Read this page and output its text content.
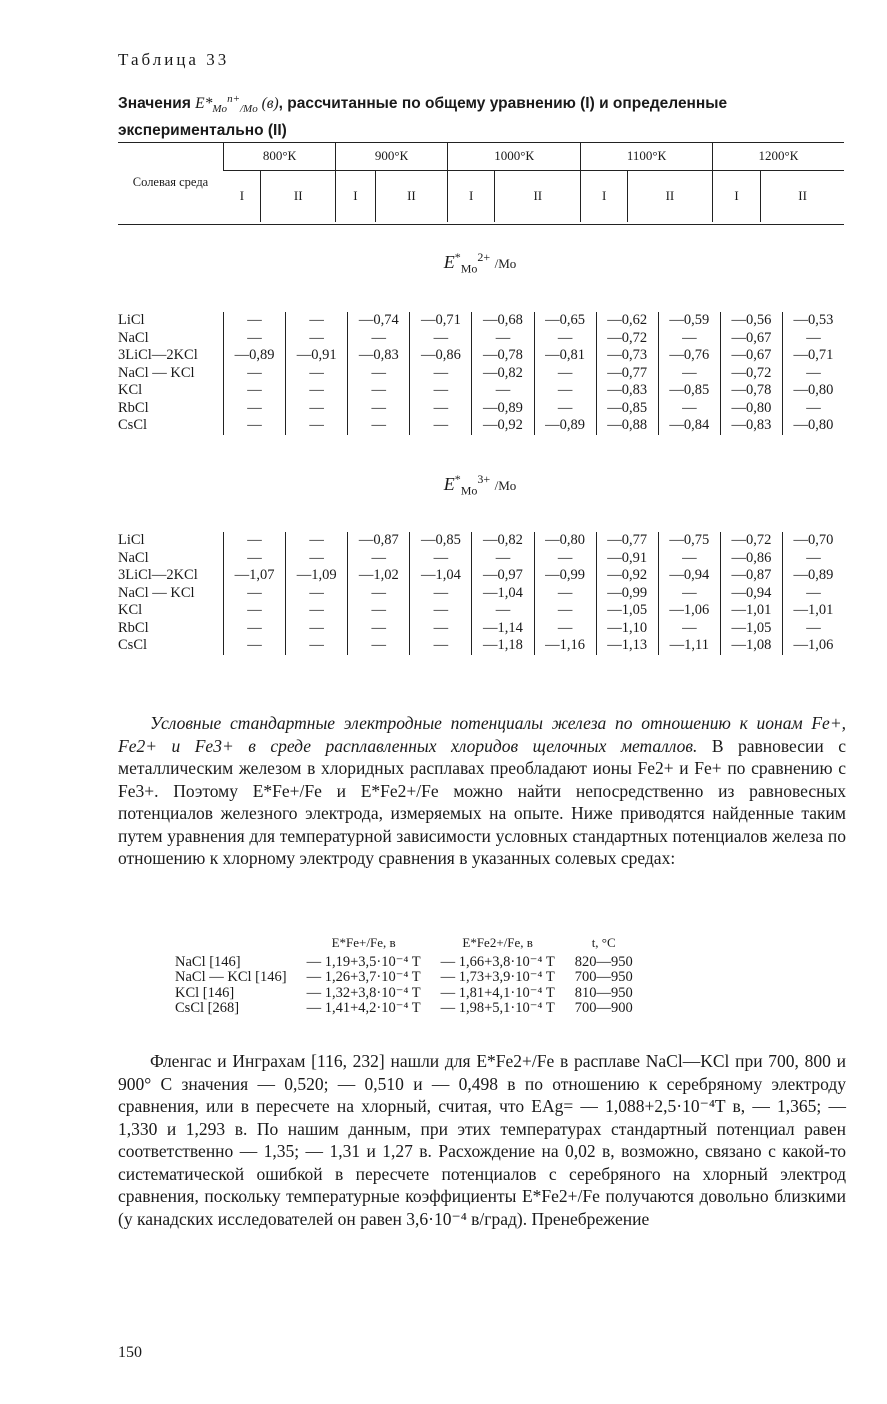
Таблица 33
Значения $E*_{Mo}^{n+}_{/Mo}$ (в), рассчитанные по общему уравнению (I) и определенные экспериментально (II)
Солевая среда	800°К		900°К		1000°К		1100°К		1200°К	
	I	II	I	II	I	II	I	II	I	II
$E^*_{Mo}^{2+}$ /Mo
LiCl	—	—	—0,74	—0,71	—0,68	—0,65	—0,62	—0,59	—0,56	—0,53
NaCl	—	—	—	—	—	—	—0,72	—	—0,67	—
3LiCl—2KCl	—0,89	—0,91	—0,83	—0,86	—0,78	—0,81	—0,73	—0,76	—0,67	—0,71
NaCl — KCl	—	—	—	—	—0,82	—	—0,77	—	—0,72	—
KCl	—	—	—	—	—	—	—0,83	—0,85	—0,78	—0,80
RbCl	—	—	—	—	—0,89	—	—0,85	—	—0,80	—
CsCl	—	—	—	—	—0,92	—0,89	—0,88	—0,84	—0,83	—0,80
$E^*_{Mo}^{3+}$ /Mo
LiCl	—	—	—0,87	—0,85	—0,82	—0,80	—0,77	—0,75	—0,72	—0,70
NaCl	—	—	—	—	—	—	—0,91	—	—0,86	—
3LiCl—2KCl	—1,07	—1,09	—1,02	—1,04	—0,97	—0,99	—0,92	—0,94	—0,87	—0,89
NaCl — KCl	—	—	—	—	—1,04	—	—0,99	—	—0,94	—
KCl	—	—	—	—	—	—	—1,05	—1,06	—1,01	—1,01
RbCl	—	—	—	—	—1,14	—	—1,10	—	—1,05	—
CsCl	—	—	—	—	—1,18	—1,16	—1,13	—1,11	—1,08	—1,06

Условные стандартные электродные потенциалы железа по отношению к ионам Fe+, Fe2+ и Fe3+ в среде расплавленных хлоридов щелочных металлов. В равновесии с металлическим железом в хлоридных расплавах преобладают ионы Fe2+ и Fe+ по сравнению с Fe3+. Поэтому E*Fe+/Fe и E*Fe2+/Fe можно найти непосредственно из равновесных потенциалов железного электрода, измеряемых на опыте. Ниже приводятся найденные таким путем уравнения для температурной зависимости условных стандартных потенциалов железа по отношению к хлорному электроду сравнения в указанных солевых средах:

	E*Fe+/Fe, в	E*Fe2+/Fe, в	t, °C
NaCl [146]	— 1,19+3,5·10⁻⁴ T	— 1,66+3,8·10⁻⁴ T	820—950
NaCl — KCl [146]	— 1,26+3,7·10⁻⁴ T	— 1,73+3,9·10⁻⁴ T	700—950
KCl [146]	— 1,32+3,8·10⁻⁴ T	— 1,81+4,1·10⁻⁴ T	810—950
CsCl [268]	— 1,41+4,2·10⁻⁴ T	— 1,98+5,1·10⁻⁴ T	700—900

Фленгас и Инграхам [116, 232] нашли для E*Fe2+/Fe в расплаве NaCl—KCl при 700, 800 и 900° С значения — 0,520; — 0,510 и — 0,498 в по отношению к серебряному электроду сравнения, или в пересчете на хлорный, считая, что EAg= — 1,088+2,5·10⁻⁴T в, — 1,365; — 1,330 и 1,293 в. По нашим данным, при этих температурах стандартный потенциал равен соответственно — 1,35; — 1,31 и 1,27 в. Расхождение на 0,02 в, возможно, связано с какой-то систематической ошибкой в пересчете потенциалов с серебряного на хлорный электрод сравнения, поскольку температурные коэффициенты E*Fe2+/Fe получаются довольно близкими (у канадских исследователей он равен 3,6·10⁻⁴ в/град). Пренебрежение

150
